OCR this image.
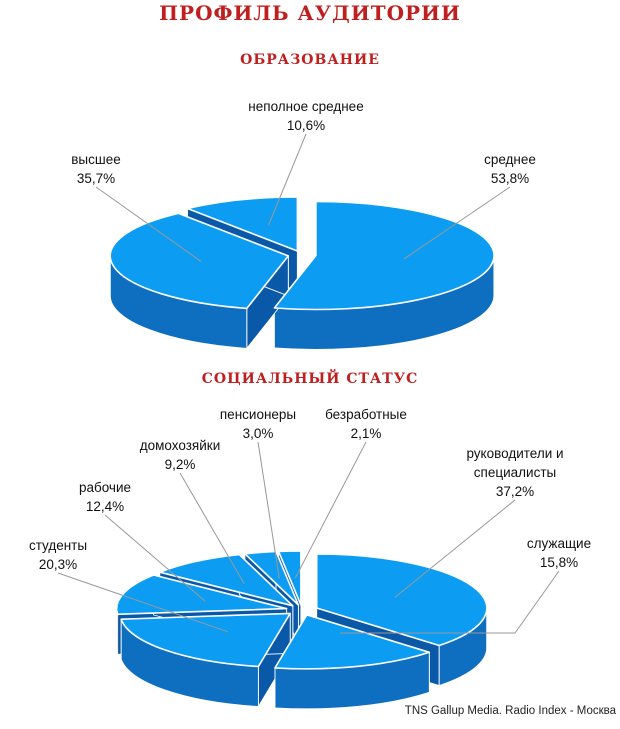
ПРОФИЛЬ АУДИТОРИИ
ОБРАЗОВАНИЕ
СОЦИАЛЬНЫЙ СТАТУС
среднее
53,8%
высшее
35,7%
неполное среднее
10,6%
руководители и
специалисты
37,2%
служащие
15,8%
студенты
20,3%
рабочие
12,4%
домохозяйки
9,2%
пенсионеры
3,0%
безработные
2,1%
TNS Gallup Media. Radio Index - Москва
